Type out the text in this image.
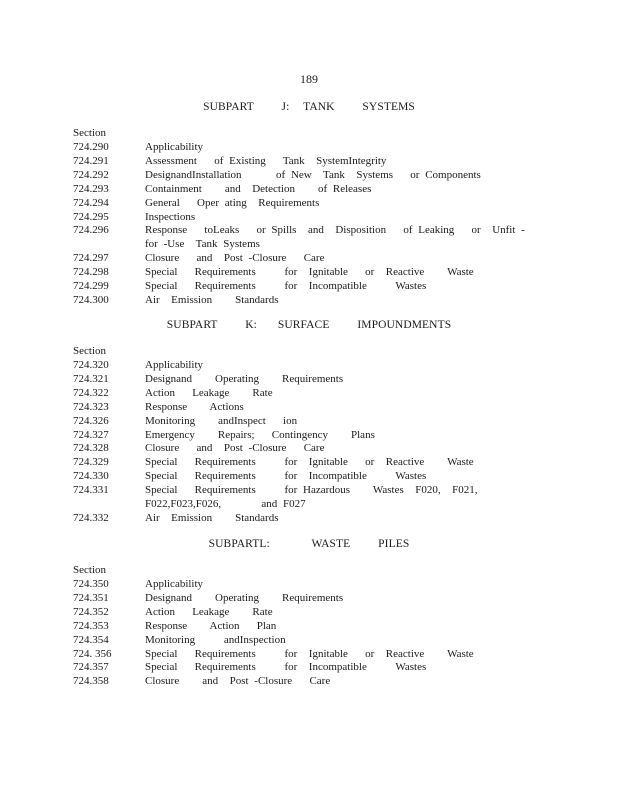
189
SUBPART    J:  TANK    SYSTEMS
Section
724.290	Applicability
724.291	Assessment   of Existing   Tank  SystemIntegrity
724.292	DesignandInstallation      of New  Tank  Systems   or Components
724.293	Containment    and  Detection    of Releases
724.294	General   Oper ating  Requirements
724.295	Inspections
724.296	Response   toLeaks   or Spills  and  Disposition   of Leaking   or  Unfit - for -Use  Tank Systems
724.297	Closure   and  Post -Closure   Care
724.298	Special   Requirements     for  Ignitable   or  Reactive    Waste
724.299	Special   Requirements     for  Incompatible     Wastes
724.300	Air  Emission    Standards
SUBPART    K:   SURFACE    IMPOUNDMENTS
Section
724.320	Applicability
724.321	Designand    Operating    Requirements
724.322	Action   Leakage    Rate
724.323	Response    Actions
724.326	Monitoring    andInspect   ion
724.327	Emergency    Repairs;   Contingency    Plans
724.328	Closure   and  Post -Closure   Care
724.329	Special   Requirements     for  Ignitable   or  Reactive    Waste
724.330	Special   Requirements     for  Incompatible     Wastes
724.331	Special   Requirements     for Hazardous    Wastes  F020,  F021,   F022,F023,F026,       and F027
724.332	Air  Emission    Standards
SUBPARTL:      WASTE    PILES
Section
724.350	Applicability
724.351	Designand    Operating    Requirements
724.352	Action   Leakage    Rate
724.353	Response    Action   Plan
724.354	Monitoring     andInspection
724. 356	Special   Requirements     for  Ignitable   or  Reactive    Waste
724.357	Special   Requirements     for  Incompatible     Wastes
724.358	Closure    and  Post -Closure   Care
